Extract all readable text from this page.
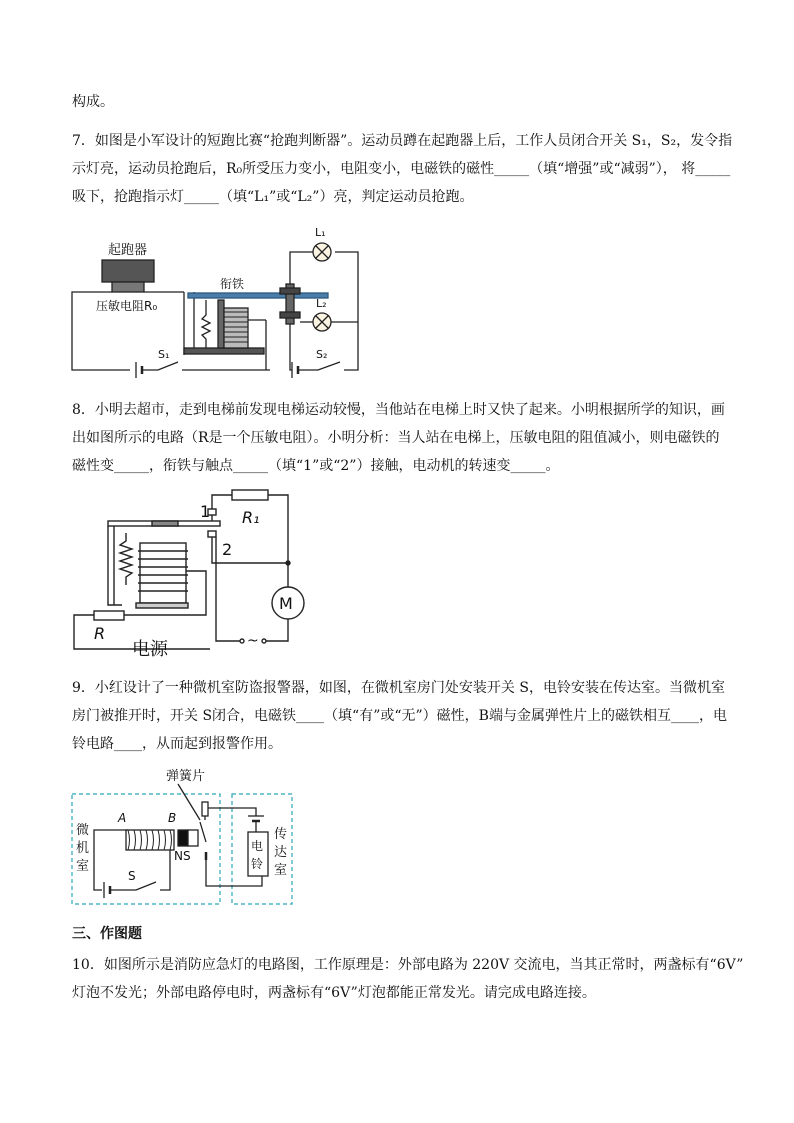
构成。
7．如图是小军设计的短跑比赛“抢跑判断器”。运动员蹲在起跑器上后，工作人员闭合开关 S₁，S₂，发令指
示灯亮，运动员抢跑后，R₀所受压力变小，电阻变小，电磁铁的磁性_____（填“增强”或“减弱”）， 将_____
吸下，抢跑指示灯_____（填“L₁”或“L₂”）亮，判定运动员抢跑。
起跑器
衔铁
压敏电阻R₀
L₁
L₂
S₁	S₂
8．小明去超市，走到电梯前发现电梯运动较慢，当他站在电梯上时又快了起来。小明根据所学的知识，画
出如图所示的电路（R是一个压敏电阻）。小明分析：当人站在电梯上，压敏电阻的阻值减小，则电磁铁的
磁性变_____，衔铁与触点_____（填“1”或“2”）接触，电动机的转速变_____。
1
2
R₁
R
电源
M
~
9．小红设计了一种微机室防盗报警器，如图，在微机室房门处安装开关 S，电铃安装在传达室。当微机室
房门被推开时，开关 S闭合，电磁铁____（填“有”或“无”）磁性，B端与金属弹性片上的磁铁相互____，电
铃电路____，从而起到报警作用。
弹簧片
A	B
NS
S
微
机
室
电
铃
传
达
室
三、作图题
10．如图所示是消防应急灯的电路图，工作原理是：外部电路为 220V 交流电，当其正常时，两盏标有“6V”
灯泡不发光；外部电路停电时，两盏标有“6V”灯泡都能正常发光。请完成电路连接。
